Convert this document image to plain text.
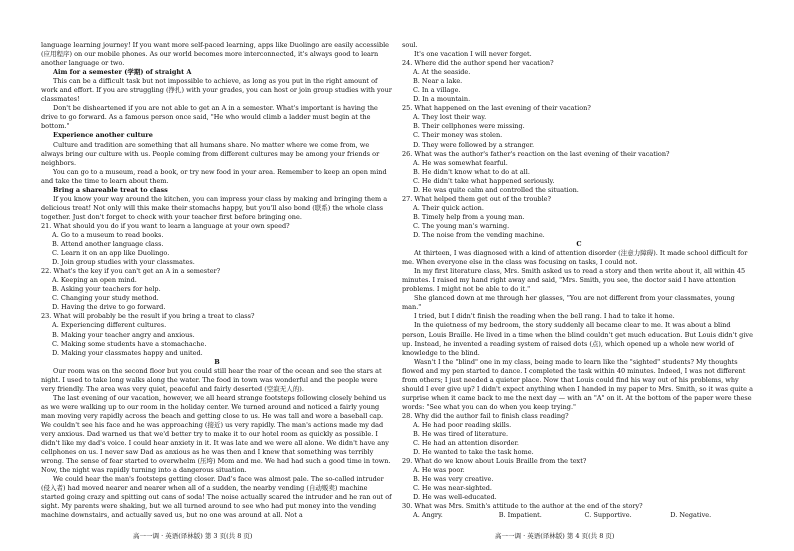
language learning journey! If you want more self-paced learning, apps like Duolingo are easily accessible (应用程序) on our mobile phones. As our world becomes more interconnected, it's always good to learn another language or two.

Aim for a semester (学期) of straight A

This can be a difficult task but not impossible to achieve, as long as you put in the right amount of work and effort. If you are struggling (挣扎) with your grades, you can host or join group studies with your classmates!

Don't be disheartened if you are not able to get an A in a semester. What's important is having the drive to go forward. As a famous person once said, "He who would climb a ladder must begin at the bottom."

Experience another culture

Culture and tradition are something that all humans share. No matter where we come from, we always bring our culture with us. People coming from different cultures may be among your friends or neighbors.

You can go to a museum, read a book, or try new food in your area. Remember to keep an open mind and take the time to learn about them.

Bring a shareable treat to class

If you know your way around the kitchen, you can impress your class by making and bringing them a delicious treat! Not only will this make their stomachs happy, but you'll also bond (联系) the whole class together. Just don't forget to check with your teacher first before bringing one.

21. What should you do if you want to learn a language at your own speed?

A. Go to a museum to read books.

B. Attend another language class.

C. Learn it on an app like Duolingo.

D. Join group studies with your classmates.

22. What's the key if you can't get an A in a semester?

A. Keeping an open mind.

B. Asking your teachers for help.

C. Changing your study method.

D. Having the drive to go forward.

23. What will probably be the result if you bring a treat to class?

A. Experiencing different cultures.

B. Making your teacher angry and anxious.

C. Making some students have a stomachache.

D. Making your classmates happy and united.

B

Our room was on the second floor but you could still hear the roar of the ocean and see the stars at night. I used to take long walks along the water. The food in town was wonderful and the people were very friendly. The area was very quiet, peaceful and fairly deserted (空寂无人的).

The last evening of our vacation, however, we all heard strange footsteps following closely behind us as we were walking up to our room in the holiday center. We turned around and noticed a fairly young man moving very rapidly across the beach and getting close to us. He was tall and wore a baseball cap. We couldn't see his face and he was approaching (接近) us very rapidly. The man's actions made my dad very anxious. Dad warned us that we'd better try to make it to our hotel room as quickly as possible. I didn't like my dad's voice. I could hear anxiety in it. It was late and we were all alone. We didn't have any cellphones on us. I never saw Dad as anxious as he was then and I knew that something was terribly wrong. The sense of fear started to overwhelm (压垮) Mom and me. We had had such a good time in town. Now, the night was rapidly turning into a dangerous situation.

We could hear the man's footsteps getting closer. Dad's face was almost pale. The so-called intruder (侵入者) had moved nearer and nearer when all of a sudden, the nearby vending (自动贩卖) machine started going crazy and spitting out cans of soda! The noise actually scared the intruder and he ran out of sight. My parents were shaking, but we all turned around to see who had put money into the vending machine downstairs, and actually saved us, but no one was around at all. Not a

soul.

It's one vacation I will never forget.

24. Where did the author spend her vacation?

A. At the seaside.

B. Near a lake.

C. In a village.

D. In a mountain.

25. What happened on the last evening of their vacation?

A. They lost their way.

B. Their cellphones were missing.

C. Their money was stolen.

D. They were followed by a stranger.

26. What was the author's father's reaction on the last evening of their vacation?

A. He was somewhat fearful.

B. He didn't know what to do at all.

C. He didn't take what happened seriously.

D. He was quite calm and controlled the situation.

27. What helped them get out of the trouble?

A. Their quick action.

B. Timely help from a young man.

C. The young man's warning.

D. The noise from the vending machine.

C

At thirteen, I was diagnosed with a kind of attention disorder (注意力障碍). It made school difficult for me. When everyone else in the class was focusing on tasks, I could not.

In my first literature class, Mrs. Smith asked us to read a story and then write about it, all within 45 minutes. I raised my hand right away and said, "Mrs. Smith, you see, the doctor said I have attention problems. I might not be able to do it."

She glanced down at me through her glasses, "You are not different from your classmates, young man."

I tried, but I didn't finish the reading when the bell rang. I had to take it home.

In the quietness of my bedroom, the story suddenly all became clear to me. It was about a blind person, Louis Braille. He lived in a time when the blind couldn't get much education. But Louis didn't give up. Instead, he invented a reading system of raised dots (点), which opened up a whole new world of knowledge to the blind.

Wasn't I the "blind" one in my class, being made to learn like the "sighted" students? My thoughts flowed and my pen started to dance. I completed the task within 40 minutes. Indeed, I was not different from others; I just needed a quieter place. Now that Louis could find his way out of his problems, why should I ever give up? I didn't expect anything when I handed in my paper to Mrs. Smith, so it was quite a surprise when it came back to me the next day — with an "A" on it. At the bottom of the paper were these words: "See what you can do when you keep trying."

28. Why did the author fail to finish class reading?

A. He had poor reading skills.

B. He was tired of literature.

C. He had an attention disorder.

D. He wanted to take the task home.

29. What do we know about Louis Braille from the text?

A. He was poor.

B. He was very creative.

C. He was near-sighted.

D. He was well-educated.

30. What was Mrs. Smith's attitude to the author at the end of the story?

A. Angry.	B. Impatient.	C. Supportive.	D. Negative.
高一一调 · 英语(译林版) 第 3 页(共 8 页)	高一一调 · 英语(译林版) 第 4 页(共 8 页)
